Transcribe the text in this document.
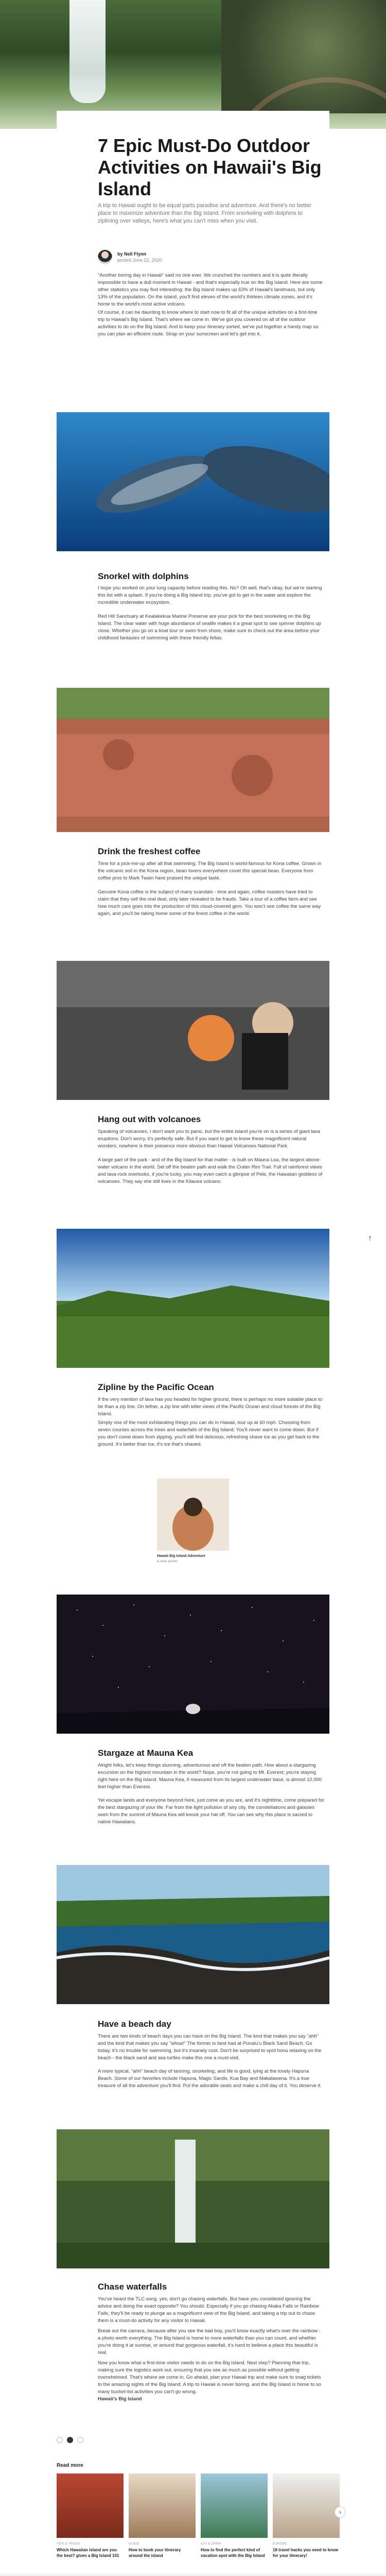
7 Epic Must-Do Outdoor Activities on Hawaii's Big Island

A trip to Hawaii ought to be equal parts paradise and adventure. And there's no better place to maximize adventure than the Big Island. From snorkeling with dolphins to ziplining over valleys, here's what you can't miss when you visit.

by Nell Flynn
posted June 22, 2020

"Another boring day in Hawaii" said no one ever. We crunched the numbers and it is quite literally impossible to have a dull moment in Hawaii - and that's especially true on the Big Island. Here are some other statistics you may find interesting: the Big Island makes up 63% of Hawaii's landmass, but only 13% of the population. On the island, you'll find eleven of the world's thirteen climate zones, and it's home to the world's most active volcano.

Of course, it can be daunting to know where to start now to fit all of the unique activities on a first-time trip to Hawaii's Big Island. That's where we come in. We've got you covered on all of the outdoor activities to do on the Big Island. And to keep your itinerary sorted, we've put together a handy map so you can plan an efficient route. Strap on your sunscreen and let's get into it.

Snorkel with dolphins

I hope you worked on your lung capacity before reading this. No? Oh well, that's okay, but we're starting this list with a splash. If you're doing a Big Island trip, you've got to get in the water and explore the incredible underwater ecosystem.

Red Hill Sanctuary at Kealakekua Marine Preserve are your pick for the best snorkeling on the Big Island. The clear water with huge abundance of sealife makes it a great spot to see spinner dolphins up close. Whether you go on a boat tour or swim from shore, make sure to check out the area before your childhood fantasies of swimming with these friendly fellas.

Drink the freshest coffee

Time for a pick-me-up after all that swimming. The Big Island is world-famous for Kona coffee. Grown in the volcanic soil in the Kona region, bean lovers everywhere covet this special bean. Everyone from coffee pros to Mark Twain have praised the unique taste.

Genuine Kona coffee is the subject of many scandals - time and again, coffee roasters have tried to claim that they sell the real deal, only later revealed to be frauds. Take a tour of a coffee farm and see how much care goes into the production of this cloud-covered gem. You won't see coffee the same way again, and you'll be taking home some of the finest coffee in the world.

Hang out with volcanoes

Speaking of volcanoes, I don't want you to panic, but the entire island you're on is a series of giant lava eruptions. Don't worry, it's perfectly safe. But if you want to get to know these magnificent natural wonders, nowhere is their presence more obvious than Hawaii Volcanoes National Park.

A large part of the park - and of the Big Island for that matter - is built on Mauna Loa, the largest above-water volcano in the world. Set off the beaten path and walk the Crater Rim Trail. Full of rainforest views and lava rock overlooks, if you're lucky, you may even catch a glimpse of Pele, the Hawaiian goddess of volcanoes. They say she still lives in the Kilauea volcano.

Zipline by the Pacific Ocean

If the very mention of lava has you headed for higher ground, there is perhaps no more suitable place to be than a zip line. On tether, a zip line with killer views of the Pacific Ocean and cloud forests of the Big Island.

Simply one of the most exhilarating things you can do in Hawaii, tour up at 60 mph. Choosing from seven courses across the trees and waterfalls of the Big Island. You'll never want to come down. But if you don't come down from zipping, you'll still find delicious, refreshing shave ice as you get back to the ground. It's better than ice, it's ice that's shaved.

Hawaii Big Island Adventure
& daily guides
Stargaze at Mauna Kea

Alright folks, let's keep things stunning, adventurous and off the beaten path. How about a stargazing excursion on the highest mountain in the world? Nope, you're not going to Mt. Everest; you're staying right here on the Big Island. Mauna Kea, if measured from its largest underwater base, is almost 10,000 feet higher than Everest.

Yet escape lands and everyone beyond here, just come as you are, and it's nighttime, come prepared for the best stargazing of your life. Far from the light pollution of any city, the constellations and galaxies seen from the summit of Mauna Kea will knock your hat off. You can see why this place is sacred to native Hawaiians.

Have a beach day

There are two kinds of beach days you can have on the Big Island. The kind that makes you say "ahh" and the kind that makes you say "whoa!" The former is best had at Punalu'u Black Sand Beach. Go today, it's no trouble for swimming, but it's insanely cool. Don't be surprised to spot honu relaxing on the beach - the black sand and sea turtles make this one a must-visit.

A more typical, "ahh" beach day of tanning, snorkeling, and life is good, lying at the lovely Hapuna Beach. Some of our favorites include Hapuna, Magic Sands, Kua Bay and Makalawena. It's a true treasure of all the adventure you'll find. Put the adorable seals and make a chill day of it. You deserve it.

Chase waterfalls

You've heard the TLC song, yes, don't go chasing waterfalls. But have you considered ignoring the advice and doing the exact opposite? You should. Especially if you go chasing Akaka Falls or Rainbow Falls, they'll be ready to plunge as a magnificent view of the Big Island, and taking a trip out to chase them is a must-do activity for any visitor to Hawaii.

Break out the camera, because after you see the bad boy, you'll know exactly what's over the rainbow - a photo worth everything. The Big Island is home to more waterfalls than you can count, and whether you're doing it at sunrise, or around that gorgeous waterfall, it's hard to believe a place this beautiful is real.

Now you know what a first-time visitor needs to do on the Big Island. Next step? Planning that trip, making sure the logistics work out, ensuring that you see as much as possible without getting overwhelmed. That's where we come in. Go ahead, plan your Hawaii trip and make sure to snag tickets to the amazing sights of the Big Island. A trip to Hawaii is never boring, and the Big Island is home to so many bucket-list activities you can't go wrong.

Hawaii's Big Island

Read more
TIPS & TRICKS
Which Hawaiian island are you the best? given a Big Island 101
GUIDE
How to book your itinerary around the island
EAT & DRINK
How to find the perfect kind of vacation spot with the Big Island
EUROPE
18 travel hacks you need to know for your itinerary!
›
↑
